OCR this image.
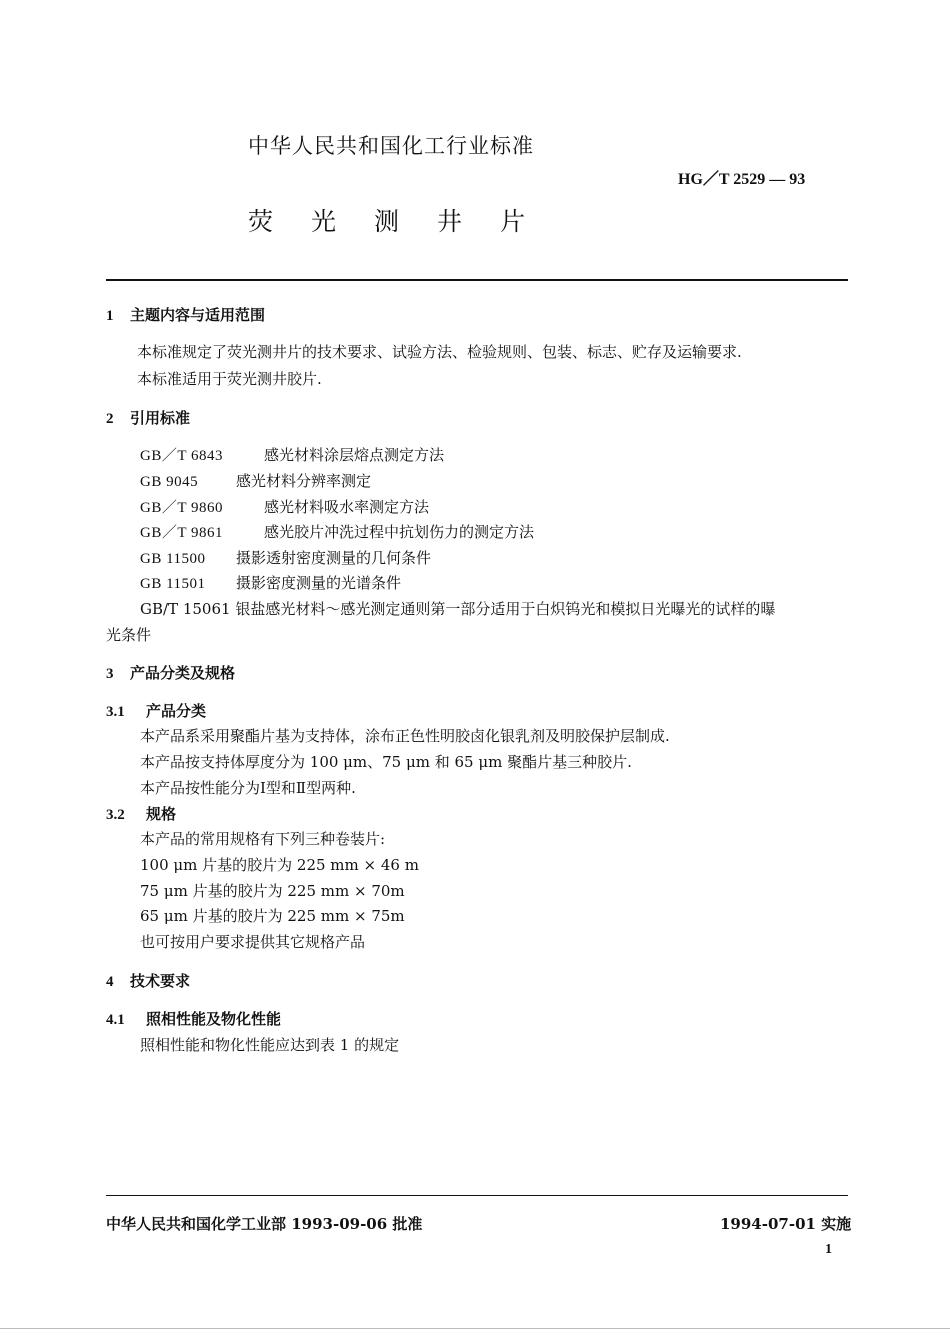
中华人民共和国化工行业标准
HG／T 2529 — 93
荧 光 测 井 片
1 主题内容与适用范围
本标准规定了荧光测井片的技术要求、试验方法、检验规则、包装、标志、贮存及运输要求.
本标准适用于荧光测井胶片.
2 引用标准
GB／T 6843	感光材料涂层熔点测定方法
GB 9045	感光材料分辨率测定
GB／T 9860	感光材料吸水率测定方法
GB／T 9861	感光胶片冲洗过程中抗划伤力的测定方法
GB 11500 摄影透射密度测量的几何条件
GB 11501 摄影密度测量的光谱条件
GB/T 15061 银盐感光材料～感光测定通则第一部分适用于白炽钨光和模拟日光曝光的试样的曝
光条件
3 产品分类及规格
3.1 产品分类
本产品系采用聚酯片基为支持体，涂布正色性明胶卤化银乳剂及明胶保护层制成.
本产品按支持体厚度分为 100 μm、75 μm 和 65 μm 聚酯片基三种胶片.
本产品按性能分为Ⅰ型和Ⅱ型两种.
3.2 规格
本产品的常用规格有下列三种卷装片:
100 μm 片基的胶片为 225 mm × 46 m
75 μm 片基的胶片为 225 mm × 70m
65 μm 片基的胶片为 225 mm × 75m
也可按用户要求提供其它规格产品
4 技术要求
4.1 照相性能及物化性能
照相性能和物化性能应达到表 1 的规定
中华人民共和国化学工业部 1993-09-06 批准	1994-07-01 实施
1
